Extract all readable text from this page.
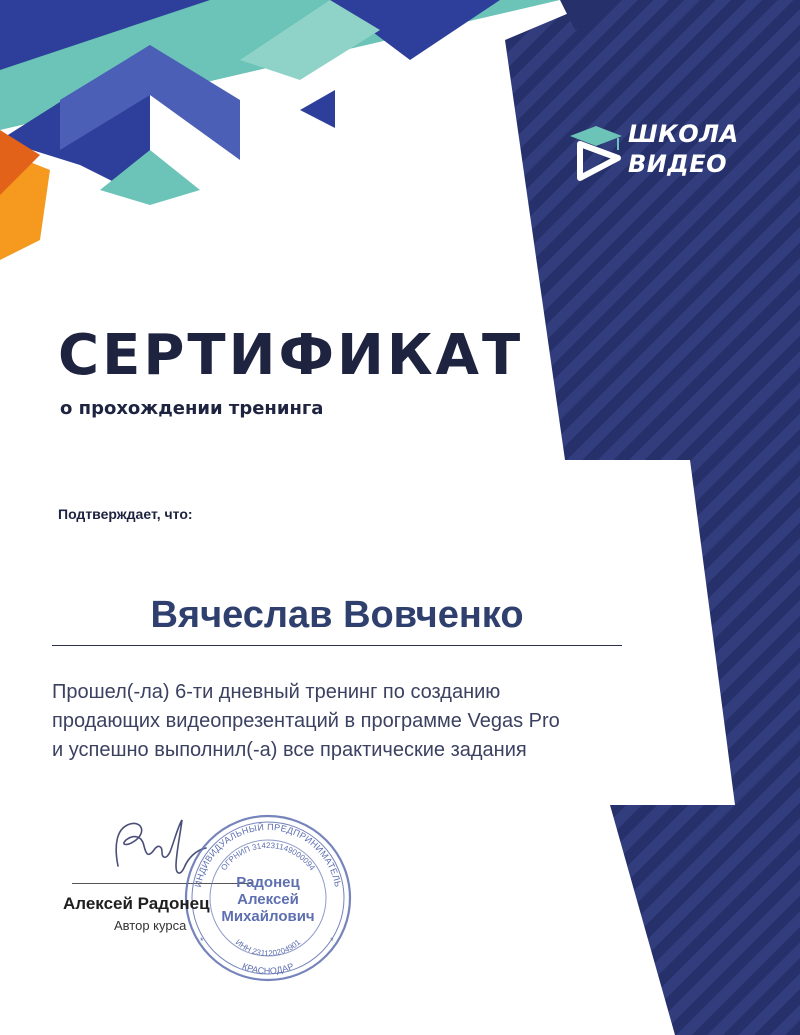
ШКОЛА
ВИДЕО
СЕРТИФИКАТ
о прохождении тренинга
Подтверждает, что:
Вячеслав Вовченко
Прошел(-ла) 6-ти дневный тренинг по созданию
продающих видеопрезентаций в программе Vegas Pro
и успешно выполнил(-а) все практические задания
ИНДИВИДУАЛЬНЫЙ ПРЕДПРИНИМАТЕЛЬ
ОГРНИП 314231149000094
ИНН 231120204901
КРАСНОДАР
*	*
Радонец
Алексей
Михайлович
Алексей Радонец
Автор курса
